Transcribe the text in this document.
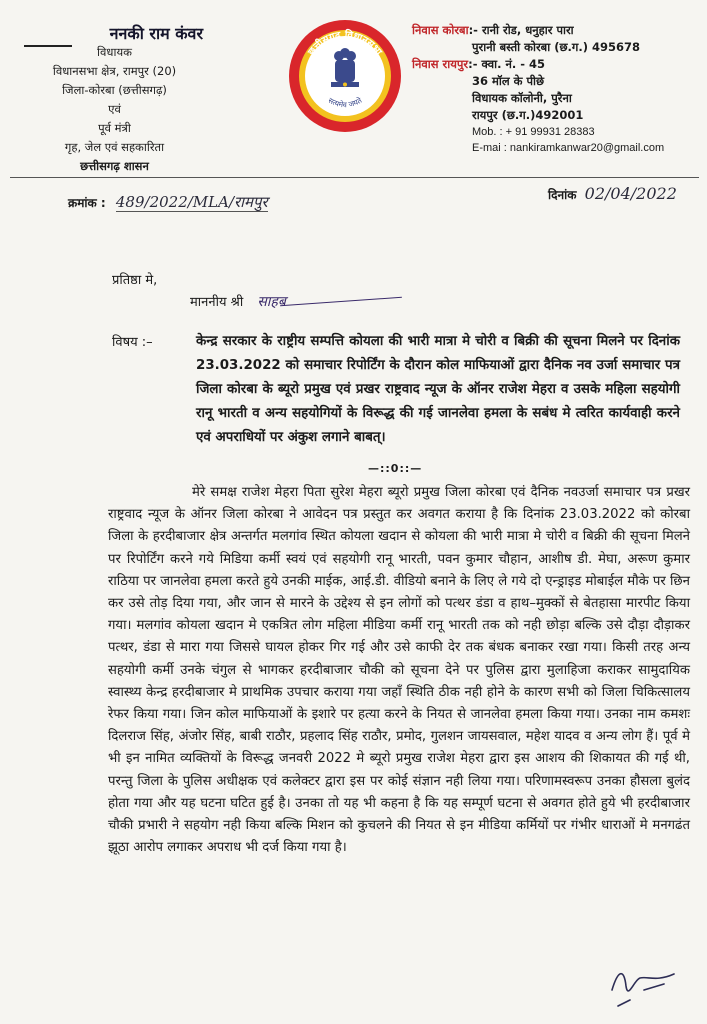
ननकी राम कंवर
विधायक
विधानसभा क्षेत्र, रामपुर (20)
जिला-कोरबा (छत्तीसगढ़)
एवं
पूर्व मंत्री
गृह, जेल एवं सहकारिता
छत्तीसगढ़ शासन
छत्तीसगढ़ विधानसभा
सत्यमेव जयते
निवास कोरबा :- रानी रोड, धनुहार पारा
पुरानी बस्ती कोरबा (छ.ग.) 495678
निवास रायपुर :- क्वा. नं. - 45
36 मॉल के पीछे
विधायक कॉलोनी, पुरैना
रायपुर (छ.ग.)492001
Mob. : + 91 99931 28383
E-mai : nankiramkanwar20@gmail.com
क्रमांक : 489/2022/MLA/रामपुर	दिनांक 02/04/2022
प्रतिष्ठा मे,
माननीय श्री साहब
विषय :–	केन्द्र सरकार के राष्ट्रीय सम्पत्ति कोयला की भारी मात्रा मे चोरी व बिक्री की सूचना मिलने पर दिनांक 23.03.2022 को समाचार रिपोर्टिंग के दौरान कोल माफियाओं द्वारा दैनिक नव उर्जा समाचार पत्र जिला कोरबा के ब्यूरो प्रमुख एवं प्रखर राष्ट्रवाद न्यूज के ऑनर राजेश मेहरा व उसके महिला सहयोगी रानू भारती व अन्य सहयोगियों के विरूद्ध की गई जानलेवा हमला के सबंध मे त्वरित कार्यवाही करने एवं अपराधियों पर अंकुश लगाने बाबत्।
—::0::—

मेरे समक्ष राजेश मेहरा पिता सुरेश मेहरा ब्यूरो प्रमुख जिला कोरबा एवं दैनिक नवउर्जा समाचार पत्र प्रखर राष्ट्रवाद न्यूज के ऑनर जिला कोरबा ने आवेदन पत्र प्रस्तुत कर अवगत कराया है कि दिनांक 23.03.2022 को कोरबा जिला के हरदीबाजार क्षेत्र अन्तर्गत मलगांव स्थित कोयला खदान से कोयला की भारी मात्रा मे चोरी व बिक्री की सूचना मिलने पर रिपोर्टिंग करने गये मिडिया कर्मी स्वयं एवं सहयोगी रानू भारती, पवन कुमार चौहान, आशीष डी. मेघा, अरूण कुमार राठिया पर जानलेवा हमला करते हुये उनकी माईक, आई.डी. वीडियो बनाने के लिए ले गये दो एन्ड्राइड मोबाईल मौके पर छिन कर उसे तोड़ दिया गया, और जान से मारने के उद्देश्य से इन लोगों को पत्थर डंडा व हाथ–मुक्कों से बेतहासा मारपीट किया गया। मलगांव कोयला खदान मे एकत्रित लोग महिला मीडिया कर्मी रानू भारती तक को नही छोड़ा बल्कि उसे दौड़ा दौड़ाकर पत्थर, डंडा से मारा गया जिससे घायल होकर गिर गई और उसे काफी देर तक बंधक बनाकर रखा गया। किसी तरह अन्य सहयोगी कर्मी उनके चंगुल से भागकर हरदीबाजार चौकी को सूचना देने पर पुलिस द्वारा मुलाहिजा कराकर सामुदायिक स्वास्थ्य केन्द्र हरदीबाजार मे प्राथमिक उपचार कराया गया जहाँ स्थिति ठीक नही होने के कारण सभी को जिला चिकित्सालय रेफर किया गया। जिन कोल माफियाओं के इशारे पर हत्या करने के नियत से जानलेवा हमला किया गया। उनका नाम कमशः दिलराज सिंह, अंजोर सिंह, बाबी राठौर, प्रहलाद सिंह राठौर, प्रमोद, गुलशन जायसवाल, महेश यादव व अन्य लोग हैं। पूर्व मे भी इन नामित व्यक्तियों के विरूद्ध जनवरी 2022 मे ब्यूरो प्रमुख राजेश मेहरा द्वारा इस आशय की शिकायत की गई थी, परन्तु जिला के पुलिस अधीक्षक एवं कलेक्टर द्वारा इस पर कोई संज्ञान नही लिया गया। परिणामस्वरूप उनका हौसला बुलंद होता गया और यह घटना घटित हुई है। उनका तो यह भी कहना है कि यह सम्पूर्ण घटना से अवगत होते हुये भी हरदीबाजार चौकी प्रभारी ने सहयोग नही किया बल्कि मिशन को कुचलने की नियत से इन मीडिया कर्मियों पर गंभीर धाराओं मे मनगढंत झूठा आरोप लगाकर अपराध भी दर्ज किया गया है।
